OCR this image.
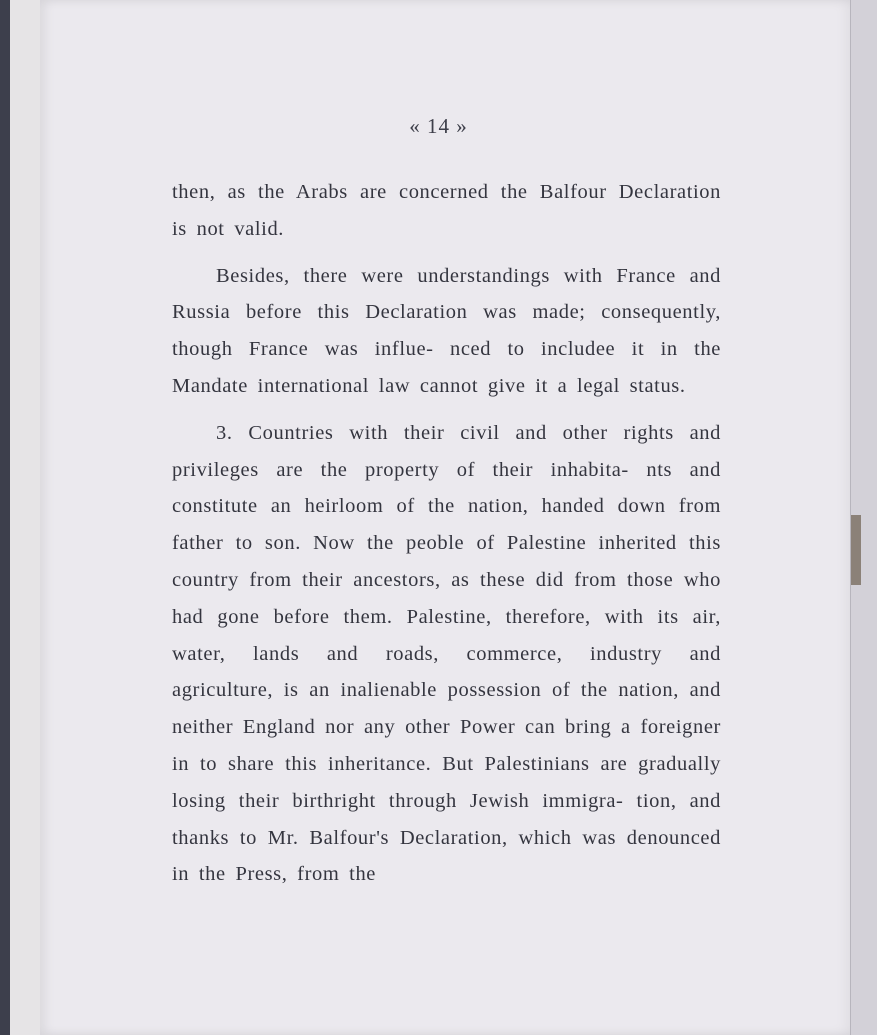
« 14 »

then, as the Arabs are concerned the Balfour Declaration is not valid.

Besides, there were understandings with France and Russia before this Declaration was made; consequently, though France was influe- nced to includee it in the Mandate international law cannot give it a legal status.

3. Countries with their civil and other rights and privileges are the property of their inhabita- nts and constitute an heirloom of the nation, handed down from father to son. Now the peoble of Palestine inherited this country from their ancestors, as these did from those who had gone before them. Palestine, therefore, with its air, water, lands and roads, commerce, industry and agriculture, is an inalienable possession of the nation, and neither England nor any other Power can bring a foreigner in to share this inheritance. But Palestinians are gradually losing their birthright through Jewish immigra- tion, and thanks to Mr. Balfour's Declaration, which was denounced in the Press, from the
